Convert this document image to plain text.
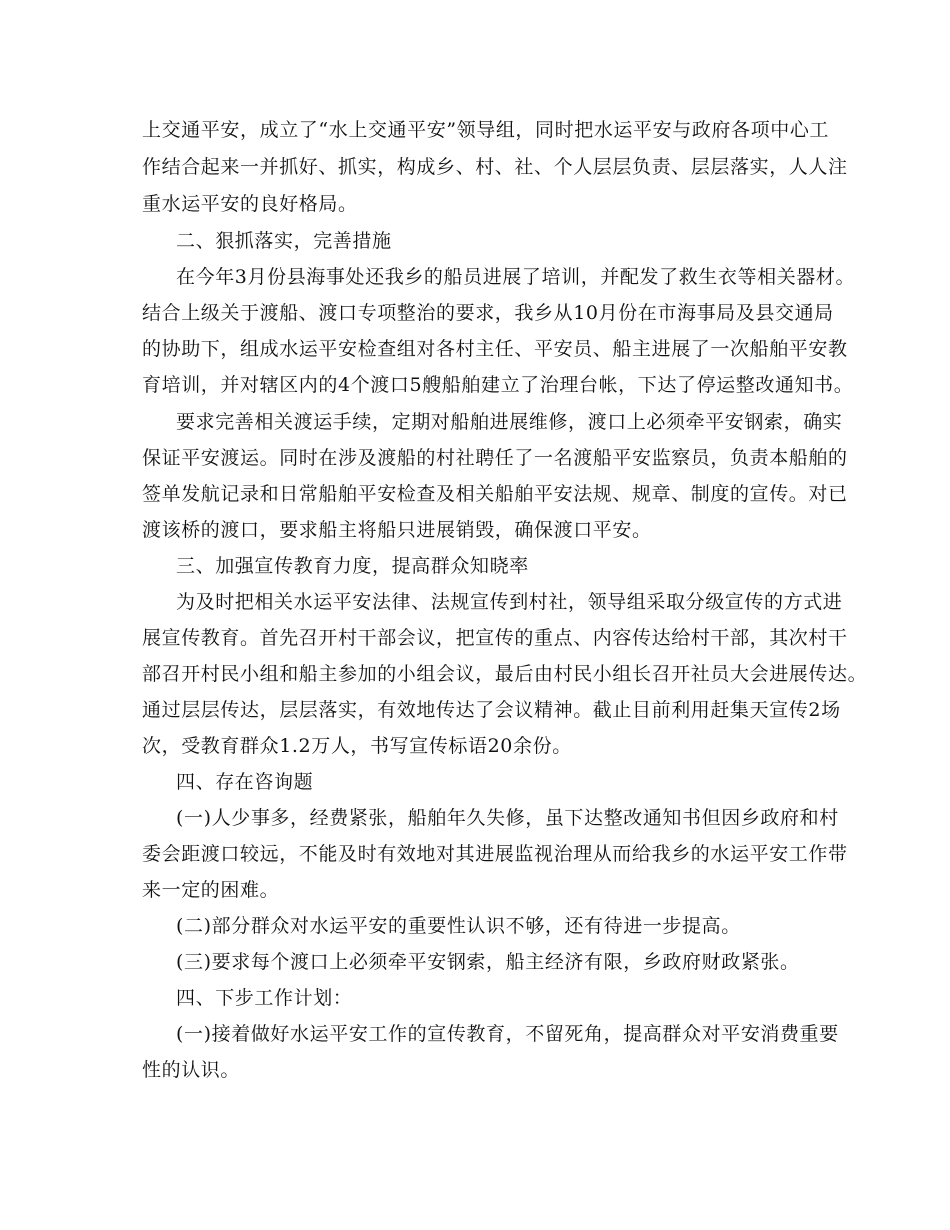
上交通平安，成立了“水上交通平安”领导组，同时把水运平安与政府各项中心工
作结合起来一并抓好、抓实，构成乡、村、社、个人层层负责、层层落实，人人注
重水运平安的良好格局。
二、狠抓落实，完善措施
在今年3月份县海事处还我乡的船员进展了培训，并配发了救生衣等相关器材。
结合上级关于渡船、渡口专项整治的要求，我乡从10月份在市海事局及县交通局
的协助下，组成水运平安检查组对各村主任、平安员、船主进展了一次船舶平安教
育培训，并对辖区内的4个渡口5艘船舶建立了治理台帐，下达了停运整改通知书。
要求完善相关渡运手续，定期对船舶进展维修，渡口上必须牵平安钢索，确实
保证平安渡运。同时在涉及渡船的村社聘任了一名渡船平安监察员，负责本船舶的
签单发航记录和日常船舶平安检查及相关船舶平安法规、规章、制度的宣传。对已
渡该桥的渡口，要求船主将船只进展销毁，确保渡口平安。
三、加强宣传教育力度，提高群众知晓率
为及时把相关水运平安法律、法规宣传到村社，领导组采取分级宣传的方式进
展宣传教育。首先召开村干部会议，把宣传的重点、内容传达给村干部，其次村干
部召开村民小组和船主参加的小组会议，最后由村民小组长召开社员大会进展传达。
通过层层传达，层层落实，有效地传达了会议精神。截止目前利用赶集天宣传2场
次，受教育群众1.2万人，书写宣传标语20余份。
四、存在咨询题
(一)人少事多，经费紧张，船舶年久失修，虽下达整改通知书但因乡政府和村
委会距渡口较远，不能及时有效地对其进展监视治理从而给我乡的水运平安工作带
来一定的困难。
(二)部分群众对水运平安的重要性认识不够，还有待进一步提高。
(三)要求每个渡口上必须牵平安钢索，船主经济有限，乡政府财政紧张。
四、下步工作计划：
(一)接着做好水运平安工作的宣传教育，不留死角，提高群众对平安消费重要
性的认识。
